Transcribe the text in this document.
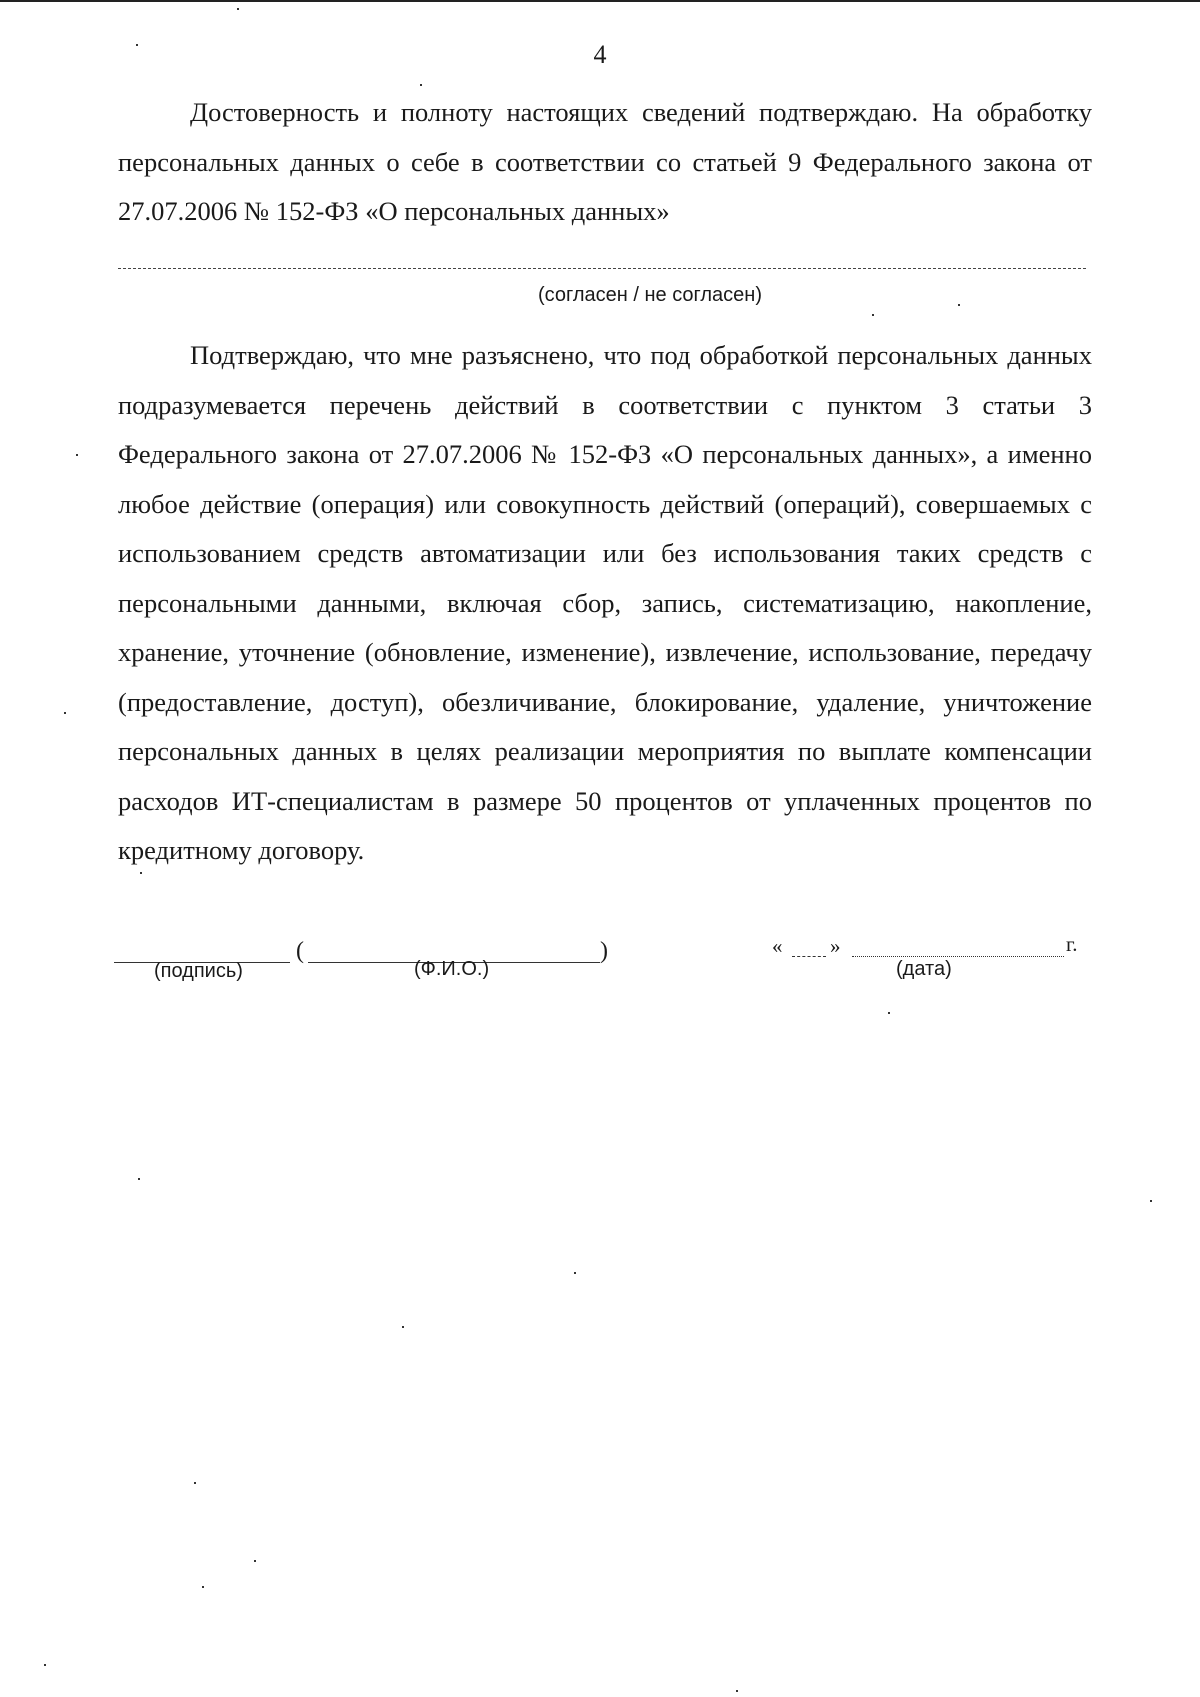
4

Достоверность и полноту настоящих сведений подтверждаю. На обработку персональных данных о себе в соответствии со статьей 9 Федерального закона от 27.07.2006 № 152-ФЗ «О персональных данных»

(согласен / не согласен)

Подтверждаю, что мне разъяснено, что под обработкой персональных данных подразумевается перечень действий в соответствии с пунктом 3 статьи 3 Федерального закона от 27.07.2006 № 152-ФЗ «О персональных данных», а именно любое действие (операция) или совокупность действий (операций), совершаемых с использованием средств автоматизации или без использования таких средств с персональными данными, включая сбор, запись, систематизацию, накопление, хранение, уточнение (обновление, изменение), извлечение, использование, передачу (предоставление, доступ), обезличивание, блокирование, удаление, уничтожение персональных данных в целях реализации мероприятия по выплате компенсации расходов ИТ-специалистам в размере 50 процентов от уплаченных процентов по кредитному договору.

(	)
(подпись)	(Ф.И.О.)
« »	г.
(дата)
